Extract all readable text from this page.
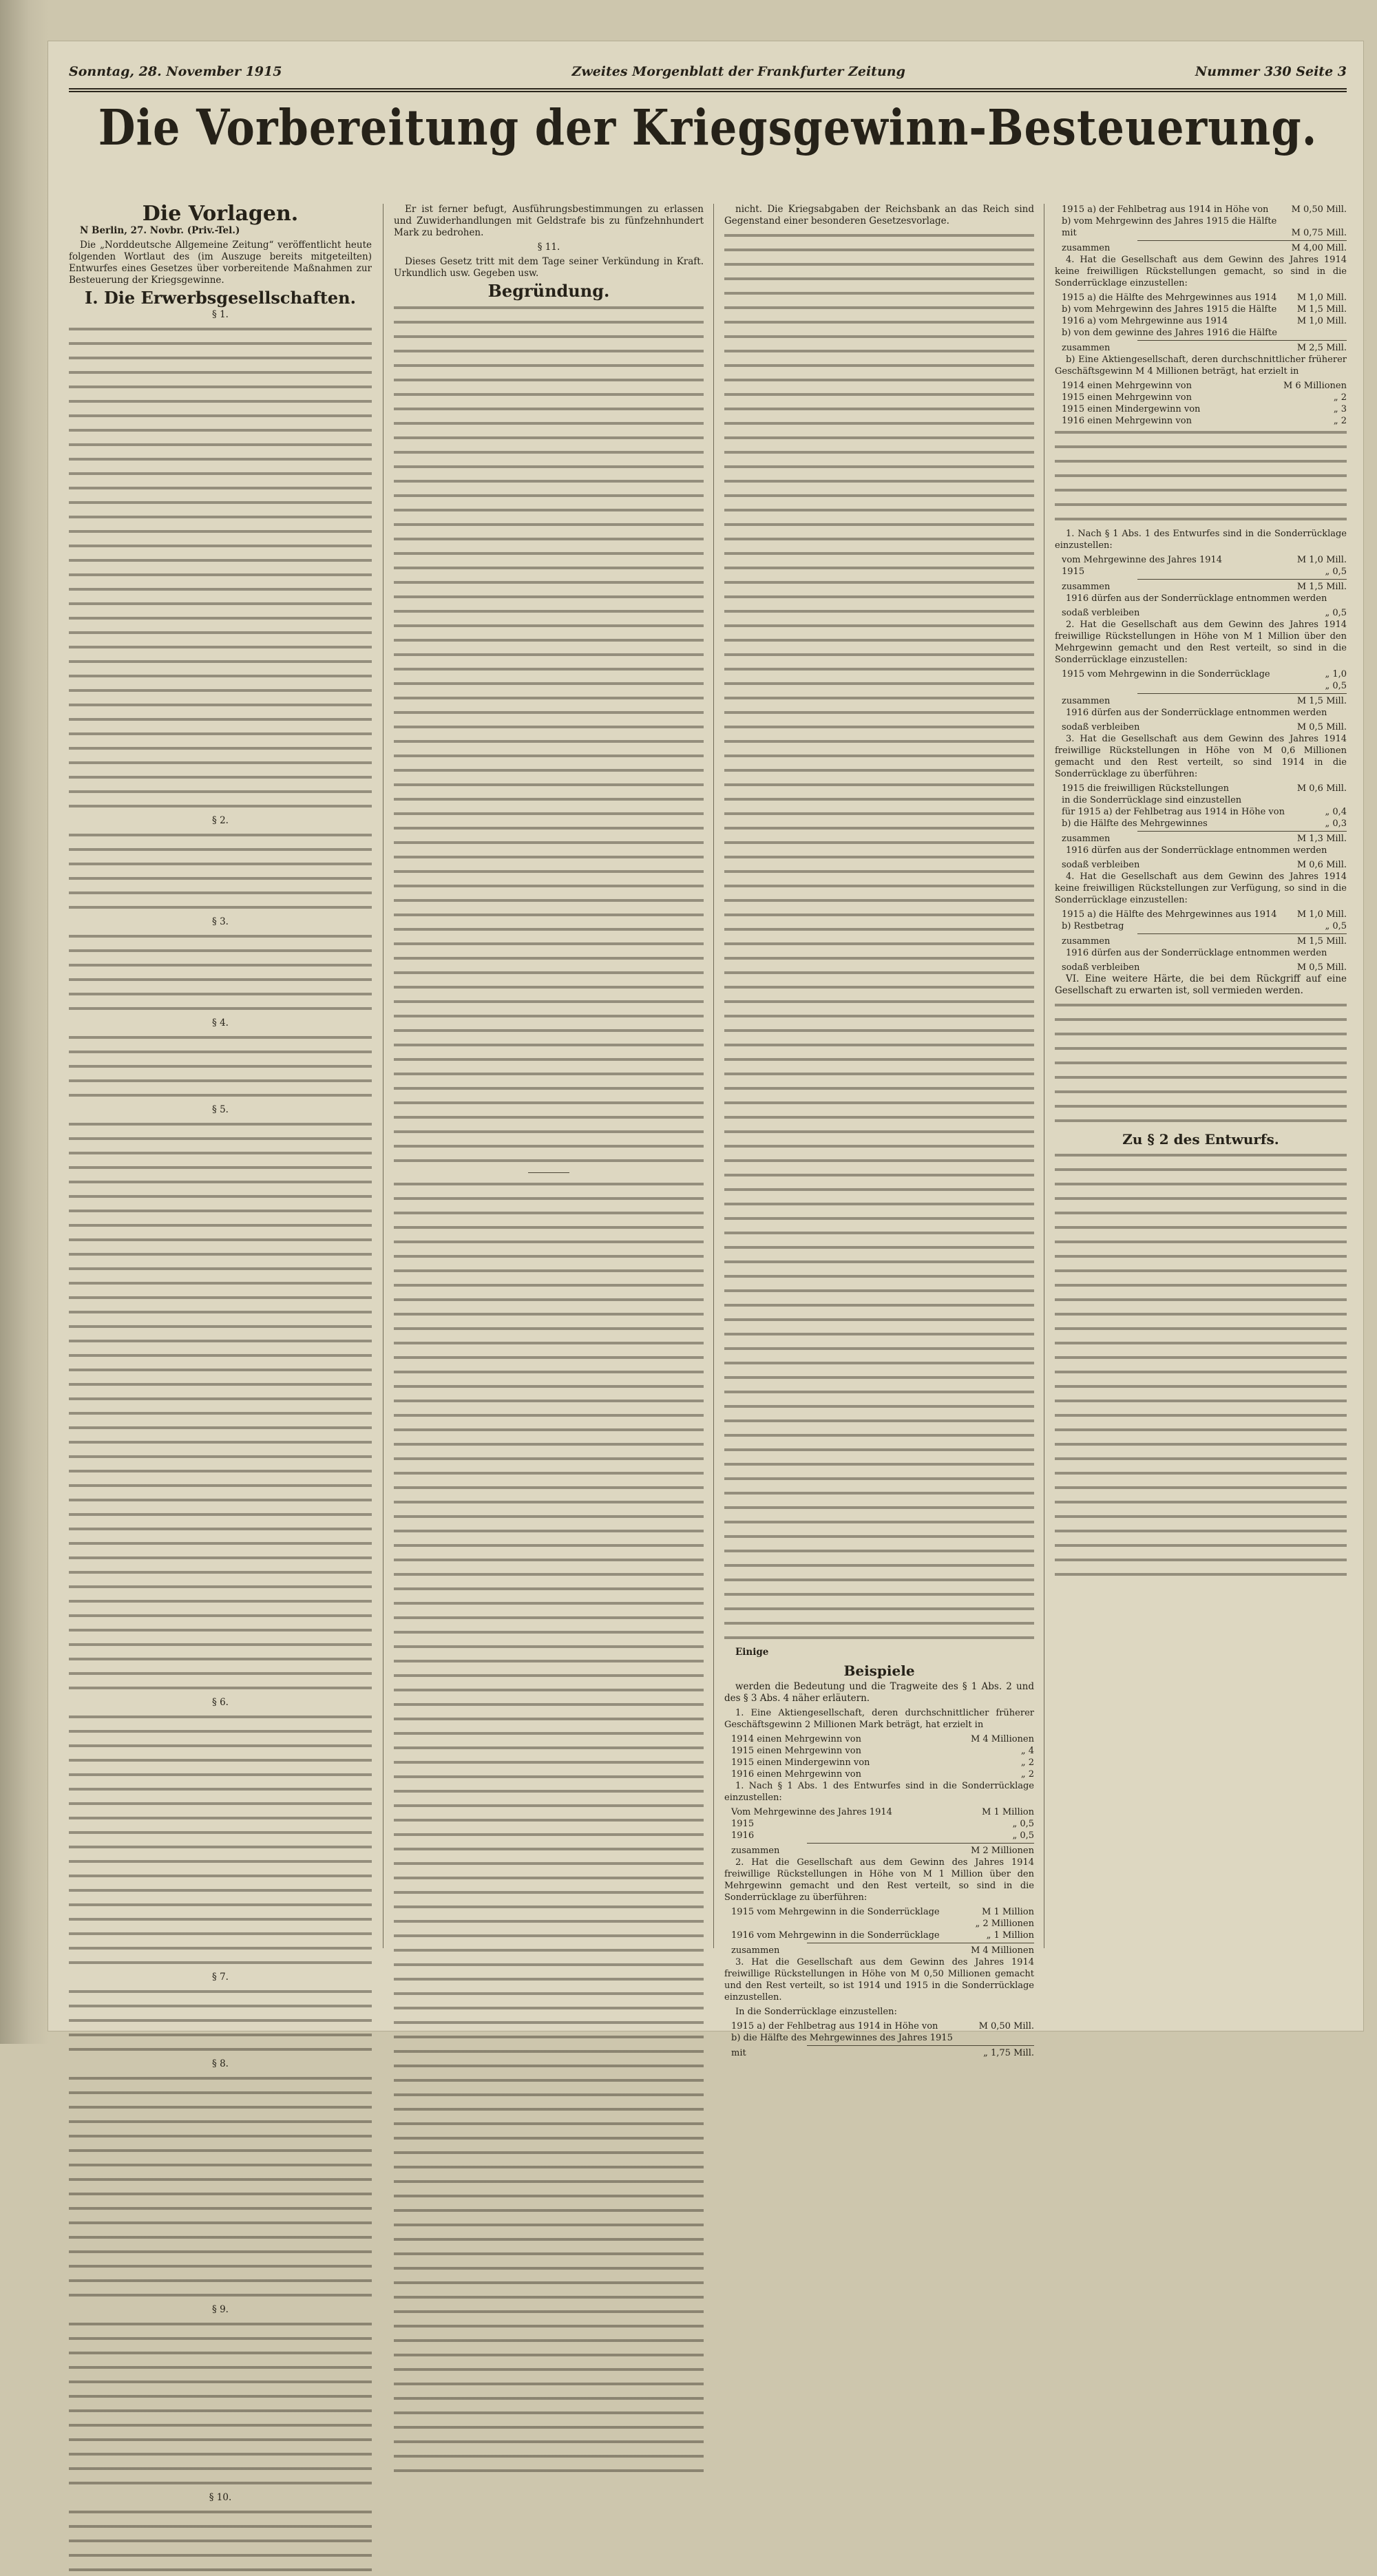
Sonntag, 28. November 1915	Zweites Morgenblatt der Frankfurter Zeitung	Nummer 330 Seite 3
Die Vorbereitung der Kriegsgewinn-Besteuerung.
Die Vorlagen.

N Berlin, 27. Novbr. (Priv.-Tel.)

Die „Norddeutsche Allgemeine Zeitung“ veröffentlicht heute folgenden Wortlaut des (im Auszuge bereits mitgeteilten) Entwurfes eines Gesetzes über vorbereitende Maßnahmen zur Besteuerung der Kriegsgewinne.

I. Die Erwerbsgesellschaften.

§ 1.

§ 2.

§ 3.

§ 4.

§ 5.

§ 6.

§ 7.

§ 8.

§ 9.

§ 10.

Er ist ferner befugt, Ausführungsbestimmungen zu erlassen und Zuwiderhandlungen mit Geldstrafe bis zu fünfzehnhundert Mark zu bedrohen.

§ 11.

Dieses Gesetz tritt mit dem Tage seiner Verkündung in Kraft. Urkundlich usw. Gegeben usw.

Begründung.

nicht. Die Kriegsabgaben der Reichsbank an das Reich sind Gegenstand einer besonderen Gesetzesvorlage.

Einige

Beispiele

werden die Bedeutung und die Tragweite des § 1 Abs. 2 und des § 3 Abs. 4 näher erläutern.

1. Eine Aktiengesellschaft, deren durchschnittlicher früherer Geschäftsgewinn 2 Millionen Mark beträgt, hat erzielt in

1914 einen Mehrgewinn von	M 4 Millionen
1915 einen Mehrgewinn von	„ 4
1915 einen Mindergewinn von	„ 2
1916 einen Mehrgewinn von	„ 2

1. Nach § 1 Abs. 1 des Entwurfes sind in die Sonderrücklage einzustellen:

Vom Mehrgewinne des Jahres 1914	M 1 Million
1915	„ 0,5
1916	„ 0,5
zusammen	M 2 Millionen

2. Hat die Gesellschaft aus dem Gewinn des Jahres 1914 freiwillige Rückstellungen in Höhe von M 1 Million über den Mehrgewinn gemacht und den Rest verteilt, so sind in die Sonderrücklage zu überführen:

1915 vom Mehrgewinn in die Sonderrücklage	M 1 Million
„ 2 Millionen
1916 vom Mehrgewinn in die Sonderrücklage	„ 1 Million
zusammen	M 4 Millionen

3. Hat die Gesellschaft aus dem Gewinn des Jahres 1914 freiwillige Rückstellungen in Höhe von M 0,50 Millionen gemacht und den Rest verteilt, so ist 1914 und 1915 in die Sonderrücklage einzustellen.

In die Sonderrücklage einzustellen:

1915 a) der Fehlbetrag aus 1914 in Höhe von	M 0,50 Mill.
b) die Hälfte des Mehrgewinnes des Jahres 1915
mit	„ 1,75 Mill.
1915 a) der Fehlbetrag aus 1914 in Höhe von	M 0,50 Mill.
b) vom Mehrgewinn des Jahres 1915 die Hälfte
mit	M 0,75 Mill.
zusammen	M 4,00 Mill.

4. Hat die Gesellschaft aus dem Gewinn des Jahres 1914 keine freiwilligen Rückstellungen gemacht, so sind in die Sonderrücklage einzustellen:

1915 a) die Hälfte des Mehrgewinnes aus 1914 M 1,0 Mill.
b) vom Mehrgewinn des Jahres 1915 die Hälfte M 1,5 Mill.
1916 a) vom Mehrgewinne aus 1914	M 1,0 Mill.
b) von dem gewinne des Jahres 1916 die Hälfte
zusammen	M 2,5 Mill.

b) Eine Aktiengesellschaft, deren durchschnittlicher früherer Geschäftsgewinn M 4 Millionen beträgt, hat erzielt in

1914 einen Mehrgewinn von	M 6 Millionen
1915 einen Mehrgewinn von	„ 2
1915 einen Mindergewinn von	„ 3
1916 einen Mehrgewinn von	„ 2

1. Nach § 1 Abs. 1 des Entwurfes sind in die Sonderrücklage einzustellen:

vom Mehrgewinne des Jahres 1914	M 1,0 Mill.
1915	„ 0,5
zusammen	M 1,5 Mill.

1916 dürfen aus der Sonderrücklage entnommen werden

sodaß verbleiben	„ 0,5

2. Hat die Gesellschaft aus dem Gewinn des Jahres 1914 freiwillige Rückstellungen in Höhe von M 1 Million über den Mehrgewinn gemacht und den Rest verteilt, so sind in die Sonderrücklage einzustellen:

1915 vom Mehrgewinn in die Sonderrücklage	„ 1,0
„ 0,5
zusammen	M 1,5 Mill.

1916 dürfen aus der Sonderrücklage entnommen werden

sodaß verbleiben	M 0,5 Mill.

3. Hat die Gesellschaft aus dem Gewinn des Jahres 1914 freiwillige Rückstellungen in Höhe von M 0,6 Millionen gemacht und den Rest verteilt, so sind 1914 in die Sonderrücklage zu überführen:

1915 die freiwilligen Rückstellungen	M 0,6 Mill.
in die Sonderrücklage sind einzustellen
für 1915 a) der Fehlbetrag aus 1914 in Höhe von	„ 0,4
b) die Hälfte des Mehrgewinnes	„ 0,3
zusammen	M 1,3 Mill.

1916 dürfen aus der Sonderrücklage entnommen werden

sodaß verbleiben	M 0,6 Mill.

4. Hat die Gesellschaft aus dem Gewinn des Jahres 1914 keine freiwilligen Rückstellungen zur Verfügung, so sind in die Sonderrücklage einzustellen:

1915 a) die Hälfte des Mehrgewinnes aus 1914 M 1,0 Mill.
b) Restbetrag	„ 0,5
zusammen	M 1,5 Mill.

1916 dürfen aus der Sonderrücklage entnommen werden

sodaß verbleiben	M 0,5 Mill.

VI. Eine weitere Härte, die bei dem Rückgriff auf eine Gesellschaft zu erwarten ist, soll vermieden werden.

Zu § 2 des Entwurfs.
